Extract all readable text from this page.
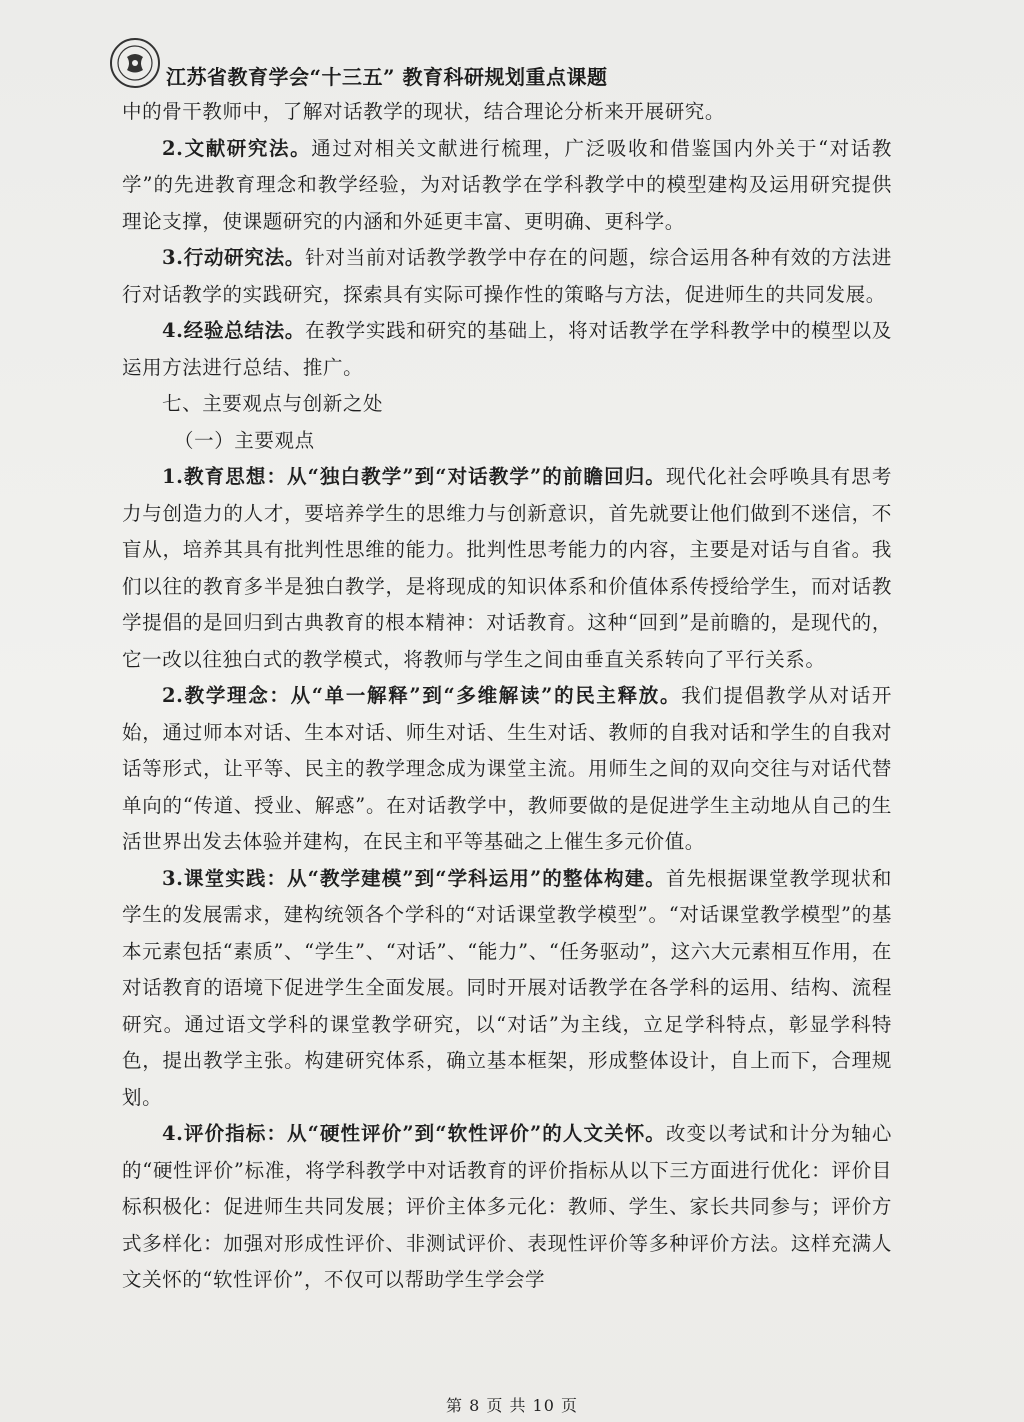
江苏省教育学会“十三五” 教育科研规划重点课题

中的骨干教师中，了解对话教学的现状，结合理论分析来开展研究。

2.文献研究法。通过对相关文献进行梳理，广泛吸收和借鉴国内外关于“对话教学”的先进教育理念和教学经验，为对话教学在学科教学中的模型建构及运用研究提供理论支撑，使课题研究的内涵和外延更丰富、更明确、更科学。

3.行动研究法。针对当前对话教学教学中存在的问题，综合运用各种有效的方法进行对话教学的实践研究，探索具有实际可操作性的策略与方法，促进师生的共同发展。

4.经验总结法。在教学实践和研究的基础上，将对话教学在学科教学中的模型以及运用方法进行总结、推广。

七、主要观点与创新之处

（一）主要观点

1.教育思想：从“独白教学”到“对话教学”的前瞻回归。现代化社会呼唤具有思考力与创造力的人才，要培养学生的思维力与创新意识，首先就要让他们做到不迷信，不盲从，培养其具有批判性思维的能力。批判性思考能力的内容，主要是对话与自省。我们以往的教育多半是独白教学，是将现成的知识体系和价值体系传授给学生，而对话教学提倡的是回归到古典教育的根本精神：对话教育。这种“回到”是前瞻的，是现代的，它一改以往独白式的教学模式，将教师与学生之间由垂直关系转向了平行关系。

2.教学理念：从“单一解释”到“多维解读”的民主释放。我们提倡教学从对话开始，通过师本对话、生本对话、师生对话、生生对话、教师的自我对话和学生的自我对话等形式，让平等、民主的教学理念成为课堂主流。用师生之间的双向交往与对话代替单向的“传道、授业、解惑”。在对话教学中，教师要做的是促进学生主动地从自己的生活世界出发去体验并建构，在民主和平等基础之上催生多元价值。

3.课堂实践：从“教学建模”到“学科运用”的整体构建。首先根据课堂教学现状和学生的发展需求，建构统领各个学科的“对话课堂教学模型”。“对话课堂教学模型”的基本元素包括“素质”、“学生”、“对话”、“能力”、“任务驱动”，这六大元素相互作用，在对话教育的语境下促进学生全面发展。同时开展对话教学在各学科的运用、结构、流程研究。通过语文学科的课堂教学研究，以“对话”为主线，立足学科特点，彰显学科特色，提出教学主张。构建研究体系，确立基本框架，形成整体设计，自上而下，合理规划。

4.评价指标：从“硬性评价”到“软性评价”的人文关怀。改变以考试和计分为轴心的“硬性评价”标准，将学科教学中对话教育的评价指标从以下三方面进行优化：评价目标积极化：促进师生共同发展；评价主体多元化：教师、学生、家长共同参与；评价方式多样化：加强对形成性评价、非测试评价、表现性评价等多种评价方法。这样充满人文关怀的“软性评价”，不仅可以帮助学生学会学

第 8 页 共 10 页
